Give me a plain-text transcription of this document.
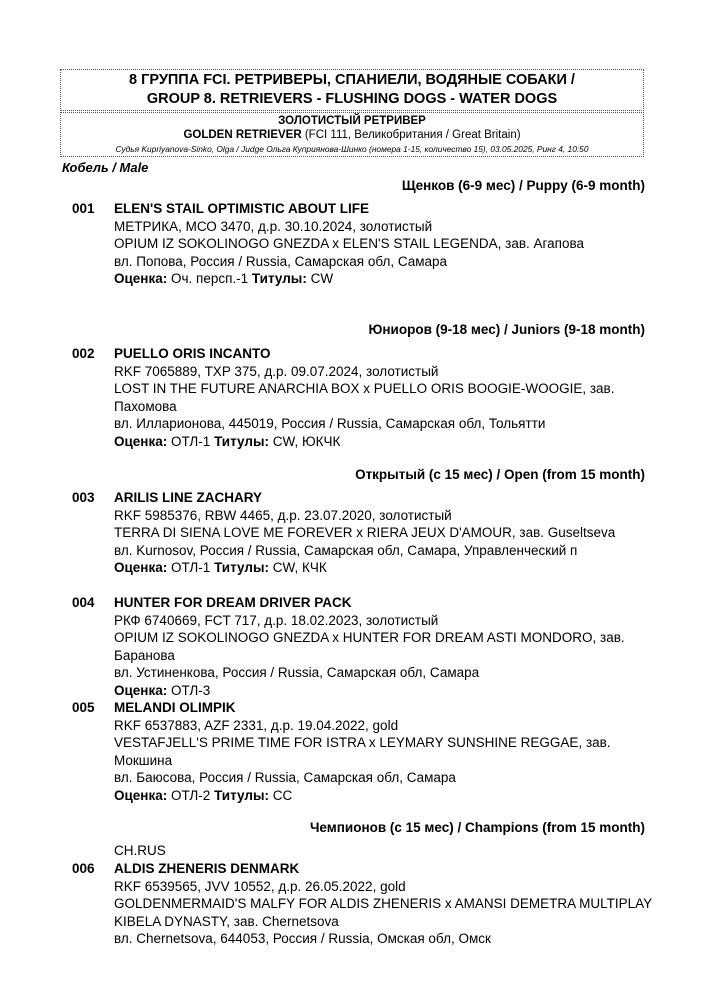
8 ГРУППА FCI. РЕТРИВЕРЫ, СПАНИЕЛИ, ВОДЯНЫЕ СОБАКИ /
GROUP 8. RETRIEVERS - FLUSHING DOGS - WATER DOGS
ЗОЛОТИСТЫЙ РЕТРИВЕР
GOLDEN RETRIEVER (FCI 111, Великобритания / Great Britain)
Судья Kupriyanova-Sinko, Olga / Judge Ольга Куприянова-Шинко (номера 1-15, количество 15), 03.05.2025, Ринг 4, 10:50
Кобель / Male
Щенков (6-9 мес) / Puppy (6-9 month)
001 ELEN'S STAIL OPTIMISTIC ABOUT LIFE
МЕТРИКА, МСО 3470, д.р. 30.10.2024, золотистый
OPIUM IZ SOKOLINOGO GNEZDA x ELEN'S STAIL LEGENDA, зав. Агапова
вл. Попова, Россия / Russia, Самарская обл, Самара
Оценка: Оч. персп.-1 Титулы: CW
Юниоров (9-18 мес) / Juniors (9-18 month)
002 PUELLO ORIS INCANTO
RKF 7065889, TXP 375, д.р. 09.07.2024, золотистый
LOST IN THE FUTURE ANARCHIA BOX x PUELLO ORIS BOOGIE-WOOGIE, зав. Пахомова
вл. Илларионова, 445019, Россия / Russia, Самарская обл, Тольятти
Оценка: ОТЛ-1 Титулы: CW, ЮКЧК
Открытый (с 15 мес) / Open (from 15 month)
003 ARILIS LINE ZACHARY
RKF 5985376, RBW 4465, д.р. 23.07.2020, золотистый
TERRA DI SIENA LOVE ME FOREVER x RIERA JEUX D'AMOUR, зав. Guseltseva
вл. Kurnosov, Россия / Russia, Самарская обл, Самара, Управленческий п
Оценка: ОТЛ-1 Титулы: CW, КЧК
004 HUNTER FOR DREAM DRIVER PACK
РКФ 6740669, FCT 717, д.р. 18.02.2023, золотистый
OPIUM IZ SOKOLINOGO GNEZDA x HUNTER FOR DREAM ASTI MONDORO, зав. Баранова
вл. Устиненкова, Россия / Russia, Самарская обл, Самара
Оценка: ОТЛ-3
005 MELANDI OLIMPIK
RKF 6537883, AZF 2331, д.р. 19.04.2022, gold
VESTAFJELL'S PRIME TIME FOR ISTRA x LEYMARY SUNSHINE REGGAE, зав. Мокшина
вл. Баюсова, Россия / Russia, Самарская обл, Самара
Оценка: ОТЛ-2 Титулы: CC
Чемпионов (с 15 мес) / Champions (from 15 month)
CH.RUS
006 ALDIS ZHENERIS DENMARK
RKF 6539565, JVV 10552, д.р. 26.05.2022, gold
GOLDENMERMAID'S MALFY FOR ALDIS ZHENERIS x AMANSI DEMETRA MULTIPLAY KIBELA DYNASTY, зав. Chernetsova
вл. Chernetsova, 644053, Россия / Russia, Омская обл, Омск
